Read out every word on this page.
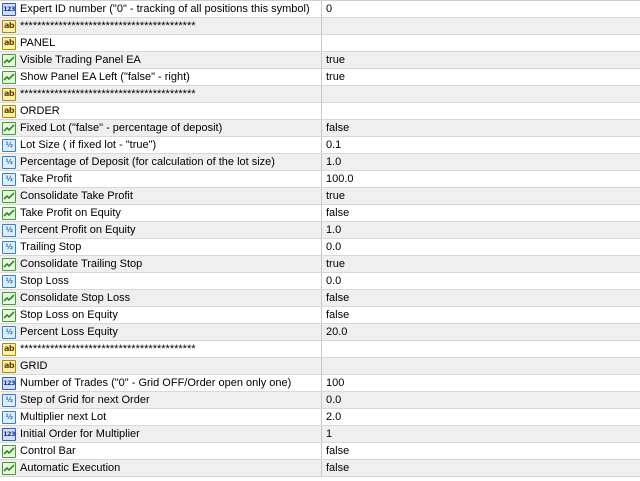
123 Expert ID number ("0" - tracking of all positions this symbol)	0
ab *****************************************
ab PANEL
Visible Trading Panel EA	true
Show Panel EA Left ("false" - right)	true
ab *****************************************
ab ORDER
Fixed Lot ("false" - percentage of deposit)	false
½ Lot Size ( if fixed lot - "true")	0.1
½ Percentage of Deposit (for calculation of the lot size)	1.0
½ Take Profit	100.0
Consolidate Take Profit	true
Take Profit on Equity	false
½ Percent Profit on Equity	1.0
½ Trailing Stop	0.0
Consolidate Trailing Stop	true
½ Stop Loss	0.0
Consolidate Stop Loss	false
Stop Loss on Equity	false
½ Percent Loss Equity	20.0
ab *****************************************
ab GRID
123 Number of Trades ("0" - Grid OFF/Order open only one)	100
½ Step of Grid for next Order	0.0
½ Multiplier next Lot	2.0
123 Initial Order for Multiplier	1
Control Bar	false
Automatic Execution	false
